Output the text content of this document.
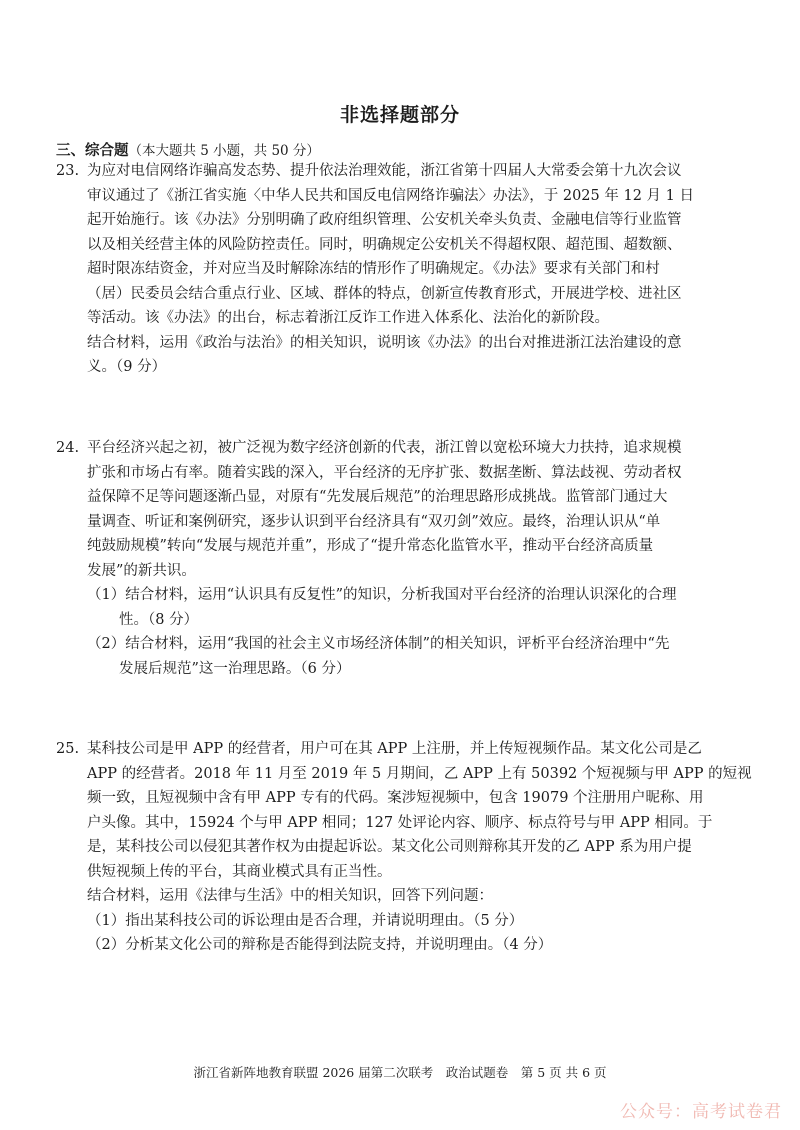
非选择题部分
三、综合题（本大题共 5 小题，共 50 分）
23. 为应对电信网络诈骗高发态势、提升依法治理效能，浙江省第十四届人大常委会第十九次会议
审议通过了《浙江省实施〈中华人民共和国反电信网络诈骗法〉办法》，于 2025 年 12 月 1 日
起开始施行。该《办法》分别明确了政府组织管理、公安机关牵头负责、金融电信等行业监管
以及相关经营主体的风险防控责任。同时，明确规定公安机关不得超权限、超范围、超数额、
超时限冻结资金，并对应当及时解除冻结的情形作了明确规定。《办法》要求有关部门和村
（居）民委员会结合重点行业、区域、群体的特点，创新宣传教育形式，开展进学校、进社区
等活动。该《办法》的出台，标志着浙江反诈工作进入体系化、法治化的新阶段。
结合材料，运用《政治与法治》的相关知识，说明该《办法》的出台对推进浙江法治建设的意
义。（9 分）
24. 平台经济兴起之初，被广泛视为数字经济创新的代表，浙江曾以宽松环境大力扶持，追求规模
扩张和市场占有率。随着实践的深入，平台经济的无序扩张、数据垄断、算法歧视、劳动者权
益保障不足等问题逐渐凸显，对原有“先发展后规范”的治理思路形成挑战。监管部门通过大
量调查、听证和案例研究，逐步认识到平台经济具有“双刃剑”效应。最终，治理认识从“单
纯鼓励规模”转向“发展与规范并重”，形成了“提升常态化监管水平，推动平台经济高质量
发展”的新共识。
（1）结合材料，运用“认识具有反复性”的知识，分析我国对平台经济的治理认识深化的合理
性。（8 分）
（2）结合材料，运用“我国的社会主义市场经济体制”的相关知识，评析平台经济治理中“先
发展后规范”这一治理思路。（6 分）
25. 某科技公司是甲 APP 的经营者，用户可在其 APP 上注册，并上传短视频作品。某文化公司是乙
APP 的经营者。2018 年 11 月至 2019 年 5 月期间，乙 APP 上有 50392 个短视频与甲 APP 的短视
频一致，且短视频中含有甲 APP 专有的代码。案涉短视频中，包含 19079 个注册用户昵称、用
户头像。其中，15924 个与甲 APP 相同；127 处评论内容、顺序、标点符号与甲 APP 相同。于
是，某科技公司以侵犯其著作权为由提起诉讼。某文化公司则辩称其开发的乙 APP 系为用户提
供短视频上传的平台，其商业模式具有正当性。
结合材料，运用《法律与生活》中的相关知识，回答下列问题：
（1）指出某科技公司的诉讼理由是否合理，并请说明理由。（5 分）
（2）分析某文化公司的辩称是否能得到法院支持，并说明理由。（4 分）
浙江省新阵地教育联盟 2026 届第二次联考　政治试题卷　第 5 页 共 6 页
公众号：高考试卷君
